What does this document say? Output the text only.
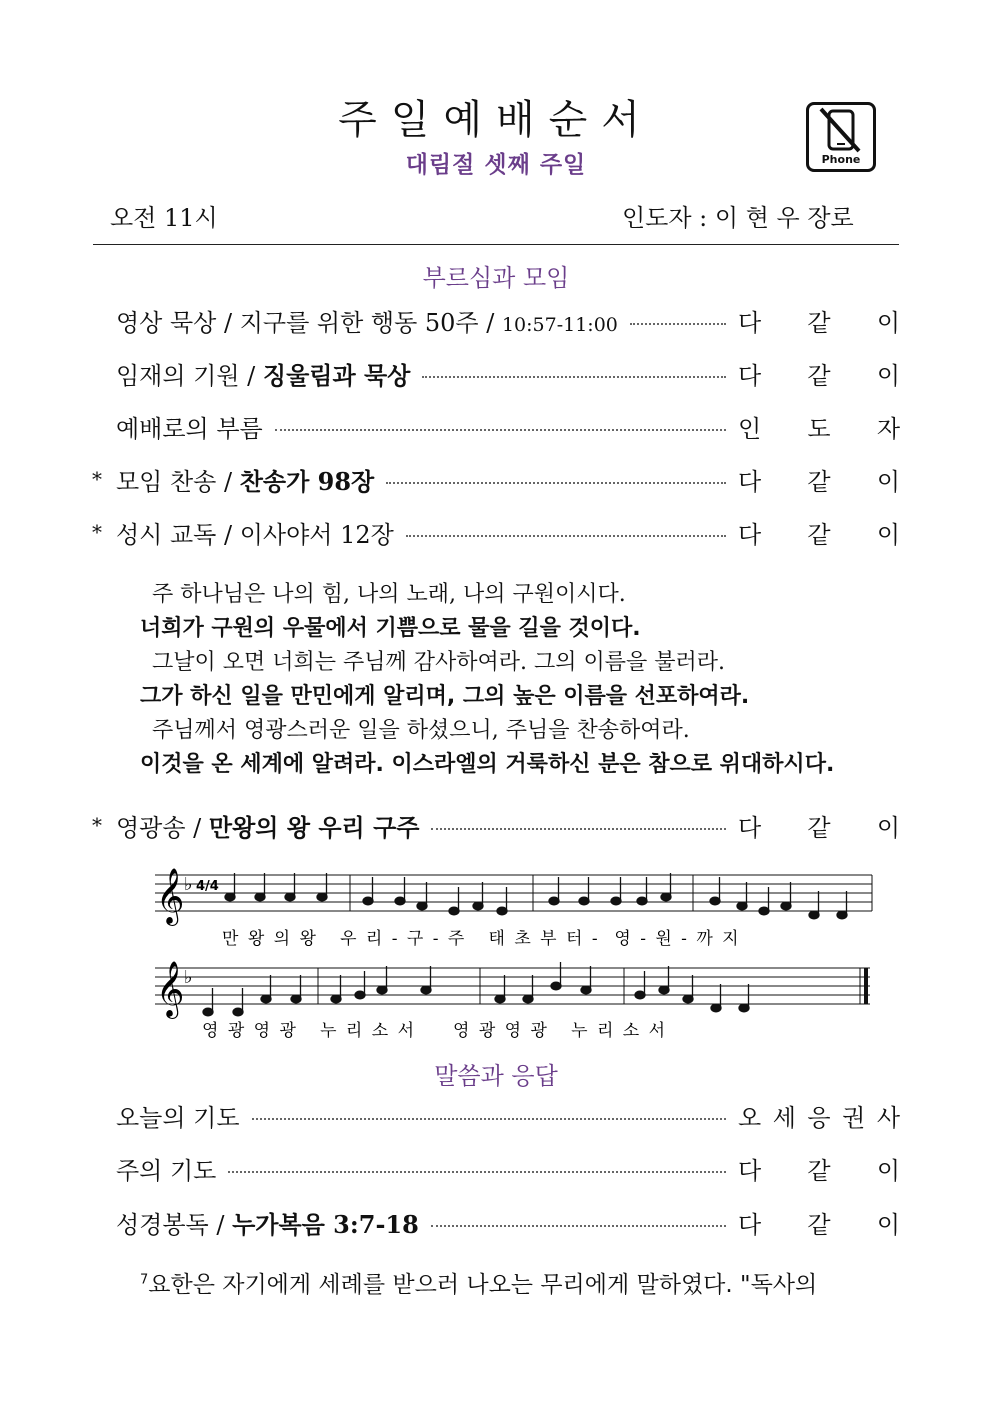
주일예배순서
대림절 셋째 주일	Phone
오전 11시	인도자 : 이 현 우 장로
부르심과 모임
영상 묵상 / 지구를 위한 행동 50주 / 10:57-11:00	다 같 이
임재의 기원 / 징울림과 묵상	다 같 이
예배로의 부름	인 도 자
* 모임 찬송 / 찬송가 98장	다 같 이
* 성시 교독 / 이사야서 12장	다 같 이
주 하나님은 나의 힘, 나의 노래, 나의 구원이시다.
너희가 구원의 우물에서 기쁨으로 물을 길을 것이다.
그날이 오면 너희는 주님께 감사하여라. 그의 이름을 불러라.
그가 하신 일을 만민에게 알리며, 그의 높은 이름을 선포하여라.
주님께서 영광스러운 일을 하셨으니, 주님을 찬송하여라.
이것을 온 세계에 알려라. 이스라엘의 거룩하신 분은 참으로 위대하시다.
* 영광송 / 만왕의 왕 우리 구주	다 같 이
𝄞 ♭ 4/4
𝄞 ♭
만 왕 의 왕   우 리 - 구 - 주   태 초 부 터 -  영 - 원 - 까 지
영 광 영 광   누 리 소 서     영 광 영 광   누 리 소 서
말씀과 응답
오늘의 기도	오 세 응 권 사
주의 기도	다 같 이
성경봉독 / 누가복음 3:7-18	다 같 이
$^7$요한은 자기에게 세례를 받으러 나오는 무리에게 말하였다. "독사의
